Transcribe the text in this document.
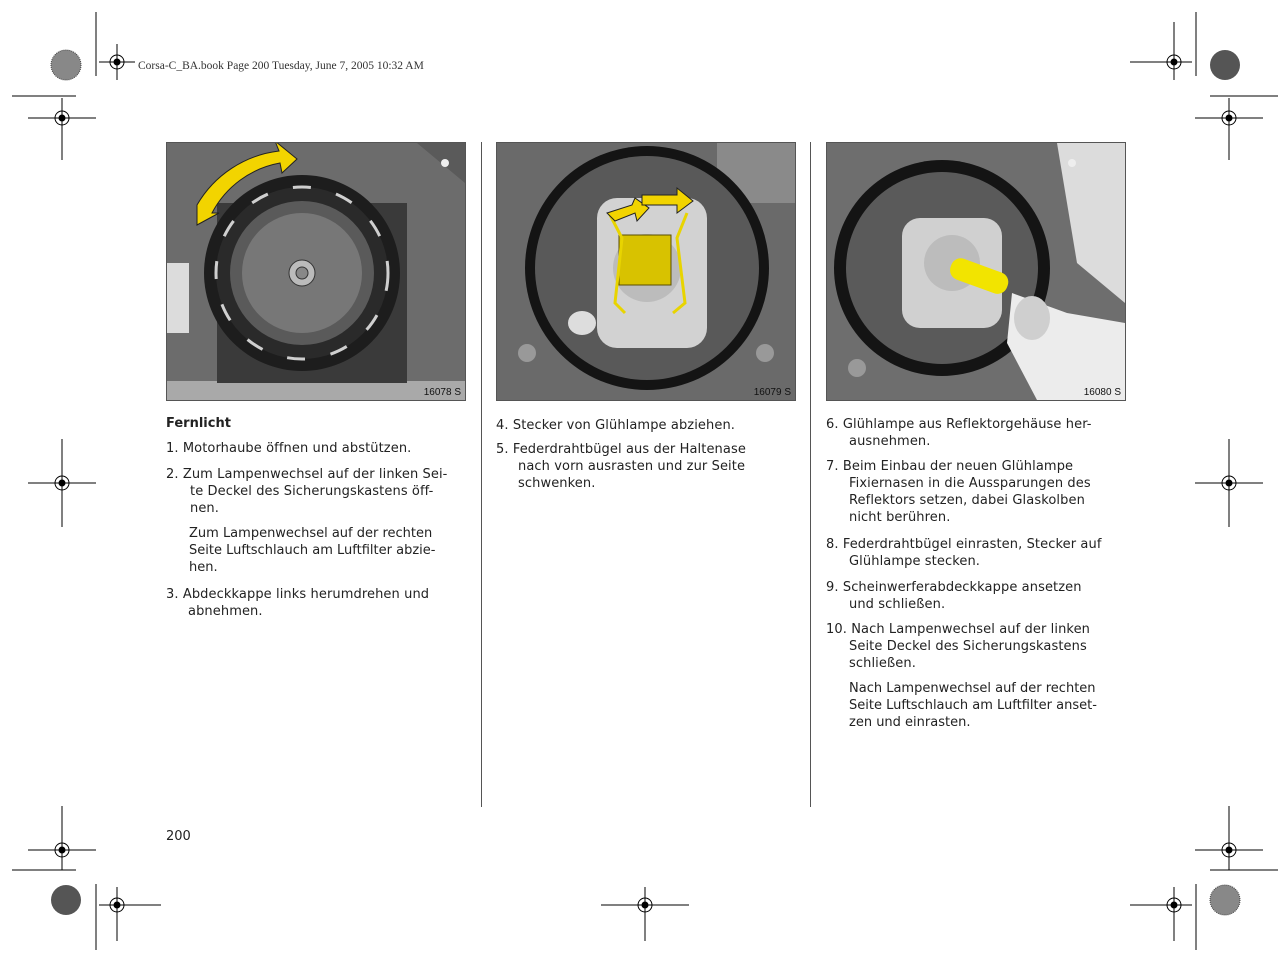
Corsa-C_BA.book Page 200 Tuesday, June 7, 2005 10:32 AM
16078 S	16079 S	16080 S
Fernlicht
1. Motorhaube öffnen und abstützen.
2. Zum Lampenwechsel auf der linken Sei-
te Deckel des Sicherungskastens öff-
nen.
Zum Lampenwechsel auf der rechten
Seite Luftschlauch am Luftfilter abzie-
hen.
3. Abdeckkappe links herumdrehen und
abnehmen.
4. Stecker von Glühlampe abziehen.
5. Federdrahtbügel aus der Haltenase
nach vorn ausrasten und zur Seite
schwenken.
6. Glühlampe aus Reflektorgehäuse her-
ausnehmen.
7. Beim Einbau der neuen Glühlampe
Fixiernasen in die Aussparungen des
Reflektors setzen, dabei Glaskolben
nicht berühren.
8. Federdrahtbügel einrasten, Stecker auf
Glühlampe stecken.
9. Scheinwerferabdeckkappe ansetzen
und schließen.
10. Nach Lampenwechsel auf der linken
Seite Deckel des Sicherungskastens
schließen.
Nach Lampenwechsel auf der rechten
Seite Luftschlauch am Luftfilter anset-
zen und einrasten.
200
